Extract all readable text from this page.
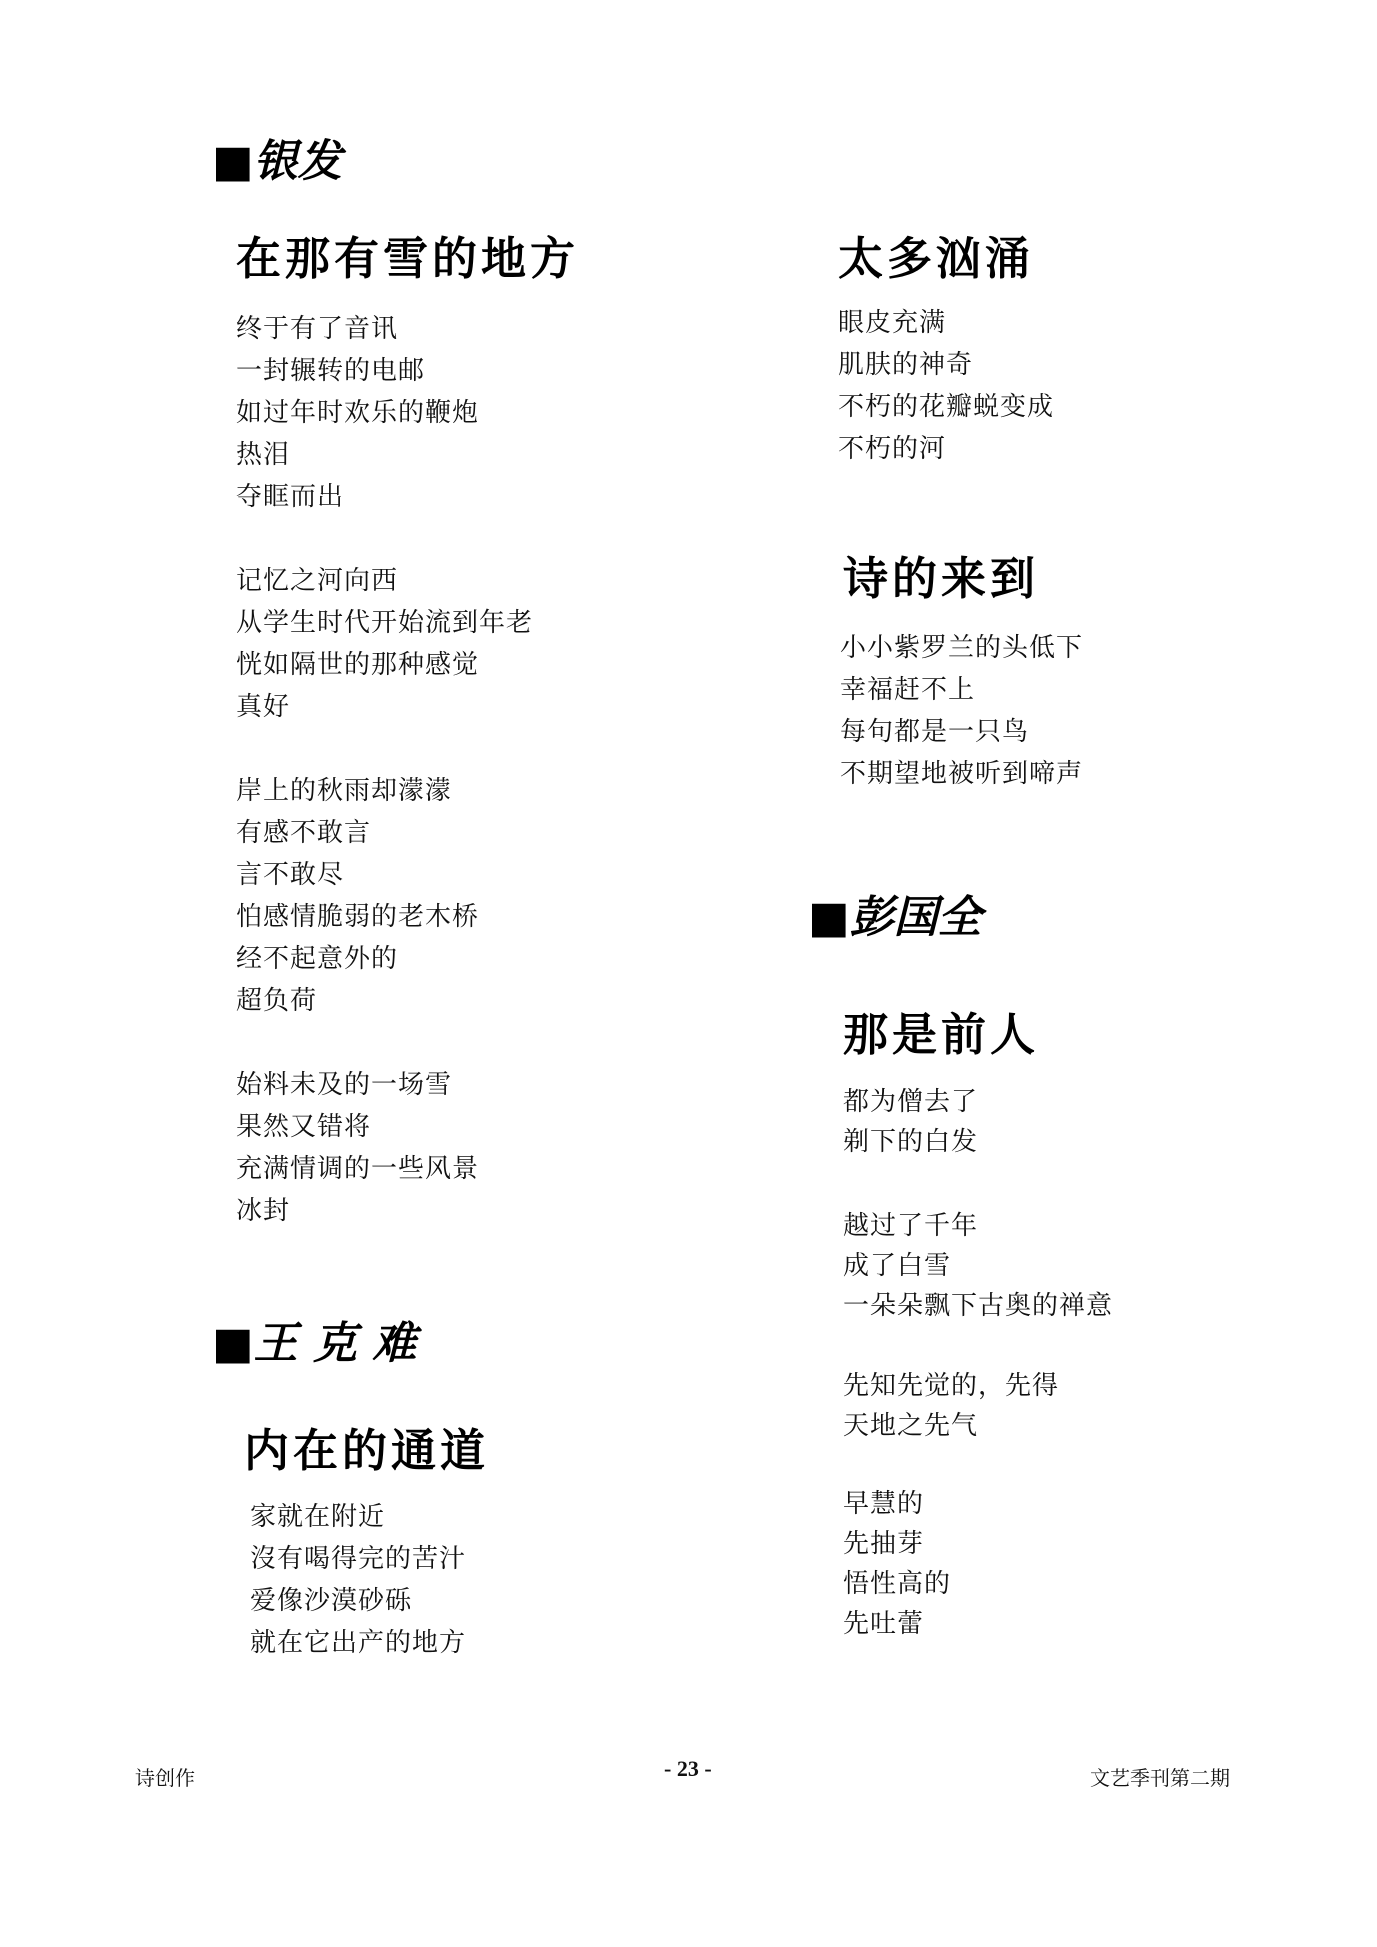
■银发
在那有雪的地方
终于有了音讯
一封辗转的电邮
如过年时欢乐的鞭炮
热泪
夺眶而出
记忆之河向西
从学生时代开始流到年老
恍如隔世的那种感觉
真好
岸上的秋雨却濛濛
有感不敢言
言不敢尽
怕感情脆弱的老木桥
经不起意外的
超负荷
始料未及的一场雪
果然又错将
充满情调的一些风景
冰封
■王 克 难
内在的通道
家就在附近
沒有喝得完的苦汁
爱像沙漠砂砾
就在它出产的地方
太多汹涌
眼皮充满
肌肤的神奇
不朽的花瓣蜕变成
不朽的河
诗的来到
小小紫罗兰的头低下
幸福赶不上
每句都是一只鸟
不期望地被听到啼声
■彭国全
那是前人
都为僧去了
剃下的白发
越过了千年
成了白雪
一朵朵飘下古奥的禅意
先知先觉的，先得
天地之先气
早慧的
先抽芽
悟性高的
先吐蕾
诗创作	- 23 -	文艺季刊第二期
